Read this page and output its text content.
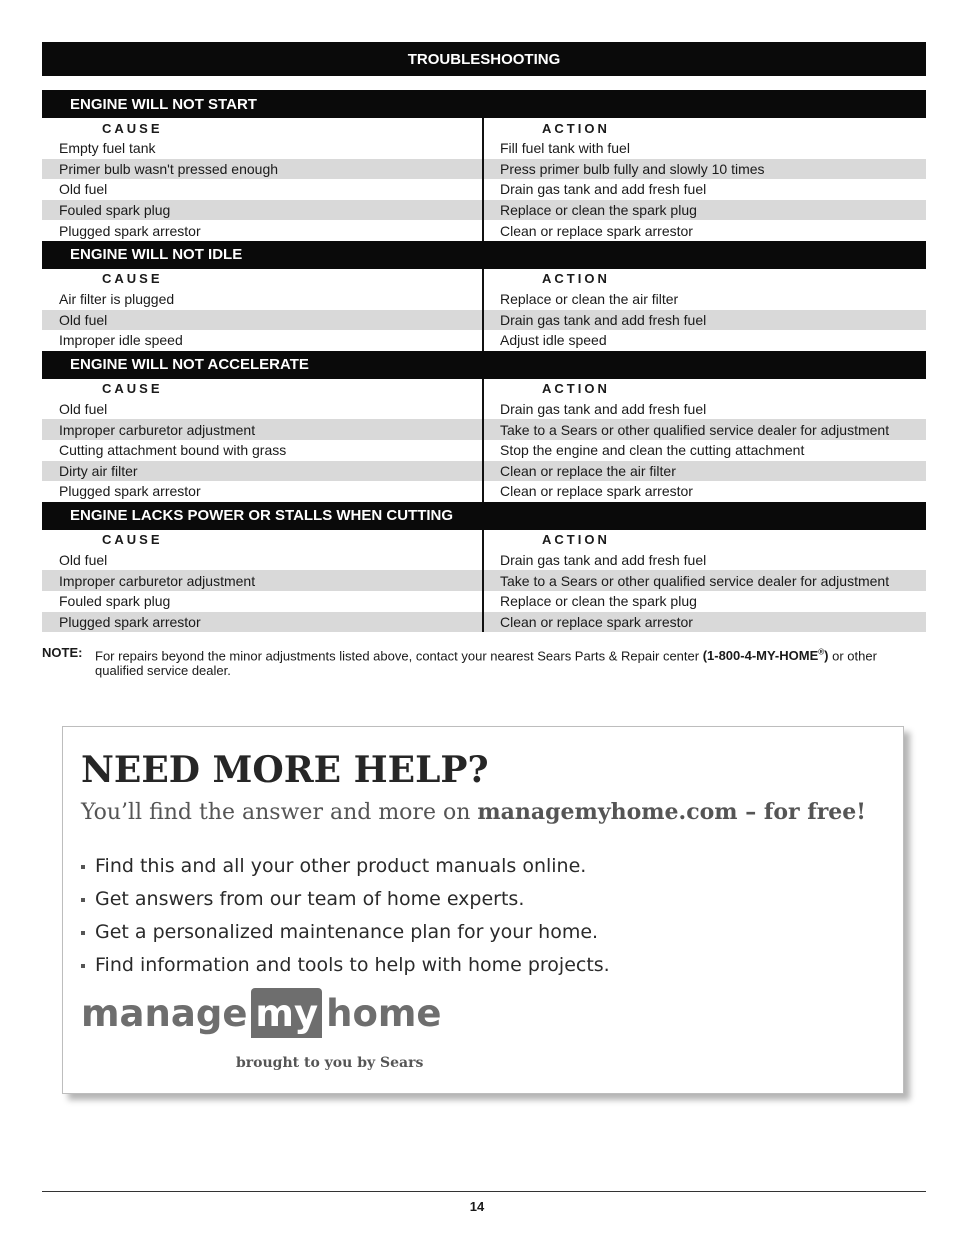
TROUBLESHOOTING
ENGINE WILL NOT START
CAUSE	ACTION
Empty fuel tank	Fill fuel tank with fuel
Primer bulb wasn't pressed enough	Press primer bulb fully and slowly 10 times
Old fuel	Drain gas tank and add fresh fuel
Fouled spark plug	Replace or clean the spark plug
Plugged spark arrestor	Clean or replace spark arrestor
ENGINE WILL NOT IDLE
CAUSE	ACTION
Air filter is plugged	Replace or clean the air filter
Old fuel	Drain gas tank and add fresh fuel
Improper idle speed	Adjust idle speed
ENGINE WILL NOT ACCELERATE
CAUSE	ACTION
Old fuel	Drain gas tank and add fresh fuel
Improper carburetor adjustment	Take to a Sears or other qualified service dealer for adjustment
Cutting attachment bound with grass	Stop the engine and clean the cutting attachment
Dirty air filter	Clean or replace the air filter
Plugged spark arrestor	Clean or replace spark arrestor
ENGINE LACKS POWER OR STALLS WHEN CUTTING
CAUSE	ACTION
Old fuel	Drain gas tank and add fresh fuel
Improper carburetor adjustment	Take to a Sears or other qualified service dealer for adjustment
Fouled spark plug	Replace or clean the spark plug
Plugged spark arrestor	Clean or replace spark arrestor
NOTE: For repairs beyond the minor adjustments listed above, contact your nearest Sears Parts & Repair center (1-800-4-MY-HOME®) or other qualified service dealer.
NEED MORE HELP?
You’ll find the answer and more on managemyhome.com – for free!
Find this and all your other product manuals online.
Get answers from our team of home experts.
Get a personalized maintenance plan for your home.
Find information and tools to help with home projects.
manage my home
brought to you by Sears
14
